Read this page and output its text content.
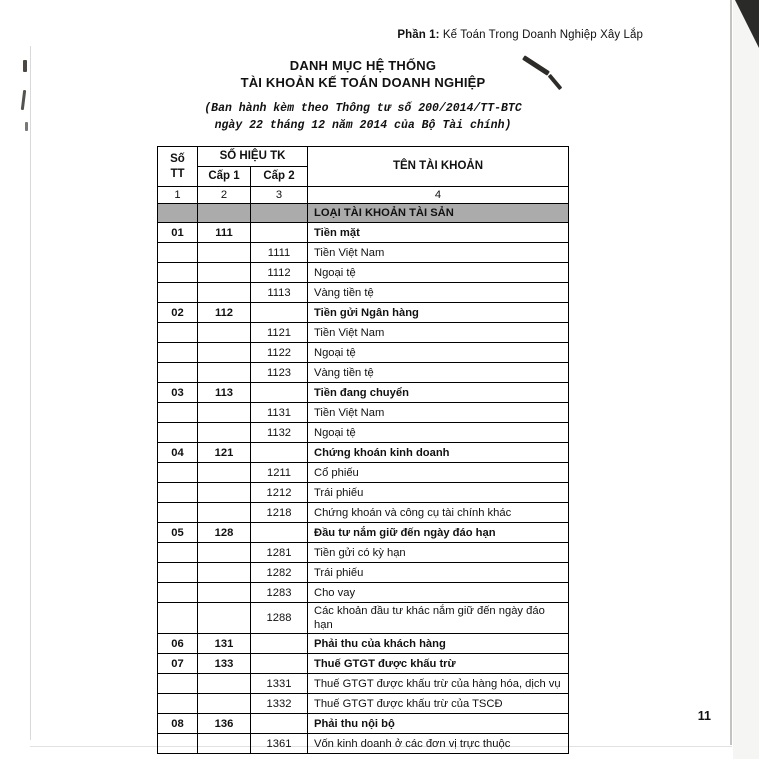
Phần 1: Kế Toán Trong Doanh Nghiệp Xây Lắp
DANH MỤC HỆ THỐNG
TÀI KHOẢN KẾ TOÁN DOANH NGHIỆP
(Ban hành kèm theo Thông tư số 200/2014/TT-BTC
ngày 22 tháng 12 năm 2014 của Bộ Tài chính)
Số
TT	SỐ HIỆU TK		TÊN TÀI KHOẢN
	Cấp 1	Cấp 2	
1	2	3	4
			LOẠI TÀI KHOẢN TÀI SẢN
01	111		Tiền mặt
		1111	Tiền Việt Nam
		1112	Ngoại tệ
		1113	Vàng tiền tệ
02	112		Tiền gửi Ngân hàng
		1121	Tiền Việt Nam
		1122	Ngoại tệ
		1123	Vàng tiền tệ
03	113		Tiền đang chuyển
		1131	Tiền Việt Nam
		1132	Ngoại tệ
04	121		Chứng khoán kinh doanh
		1211	Cổ phiếu
		1212	Trái phiếu
		1218	Chứng khoán và công cụ tài chính khác
05	128		Đầu tư nắm giữ đến ngày đáo hạn
		1281	Tiền gửi có kỳ hạn
		1282	Trái phiếu
		1283	Cho vay
		1288	Các khoản đầu tư khác nắm giữ đến ngày đáo hạn
06	131		Phải thu của khách hàng
07	133		Thuế GTGT được khấu trừ
		1331	Thuế GTGT được khấu trừ của hàng hóa, dịch vụ
		1332	Thuế GTGT được khấu trừ của TSCĐ
08	136		Phải thu nội bộ
		1361	Vốn kinh doanh ở các đơn vị trực thuộc
11
